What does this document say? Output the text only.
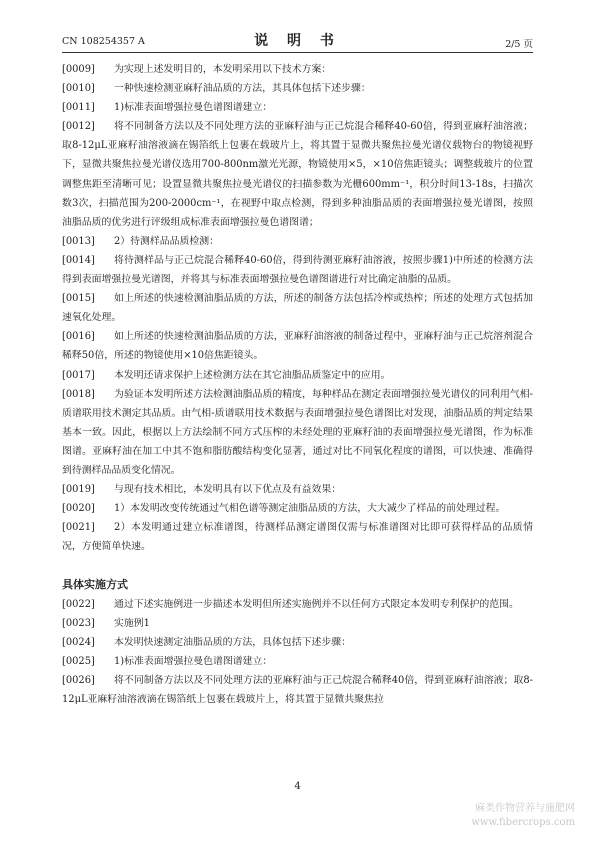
CN 108254357 A	说 明 书	2/5 页
[0009]	为实现上述发明目的，本发明采用以下技术方案：

[0010]	一种快速检测亚麻籽油品质的方法，其具体包括下述步骤：

[0011]	1)标准表面增强拉曼色谱图谱建立：

[0012]	将不同制备方法以及不同处理方法的亚麻籽油与正己烷混合稀释40-60倍，得到亚麻籽油溶液；取8-12μL亚麻籽油溶液滴在锡箔纸上包裹在载玻片上，将其置于显微共聚焦拉曼光谱仪载物台的物镜视野下，显微共聚焦拉曼光谱仪选用700-800nm激光光源，物镜使用×5，×10倍焦距镜头；调整载玻片的位置调整焦距至清晰可见；设置显微共聚焦拉曼光谱仪的扫描参数为光栅600mm⁻¹，积分时间13-18s，扫描次数3次，扫描范围为200-2000cm⁻¹，在视野中取点检测，得到多种油脂品质的表面增强拉曼光谱图，按照油脂品质的优劣进行评级组成标准表面增强拉曼色谱图谱；

[0013]	2）待测样品品质检测：

[0014]	将待测样品与正己烷混合稀释40-60倍，得到待测亚麻籽油溶液，按照步骤1)中所述的检测方法得到表面增强拉曼光谱图，并将其与标准表面增强拉曼色谱图谱进行对比确定油脂的品质。

[0015]	如上所述的快速检测油脂品质的方法，所述的制备方法包括冷榨或热榨；所述的处理方式包括加速氧化处理。

[0016]	如上所述的快速检测油脂品质的方法，亚麻籽油溶液的制备过程中，亚麻籽油与正己烷溶剂混合稀释50倍，所述的物镜使用×10倍焦距镜头。

[0017]	本发明还请求保护上述检测方法在其它油脂品质鉴定中的应用。

[0018]	为验证本发明所述方法检测油脂品质的精度，每种样品在测定表面增强拉曼光谱仪的同利用气相-质谱联用技术测定其品质。由气相-质谱联用技术数据与表面增强拉曼色谱图比对发现，油脂品质的判定结果基本一致。因此，根据以上方法绘制不同方式压榨的未经处理的亚麻籽油的表面增强拉曼光谱图，作为标准图谱。亚麻籽油在加工中其不饱和脂肪酸结构变化显著，通过对比不同氧化程度的谱图，可以快速、准确得到待测样品品质变化情况。

[0019]	与现有技术相比，本发明具有以下优点及有益效果：

[0020]	1）本发明改变传统通过气相色谱等测定油脂品质的方法，大大减少了样品的前处理过程。

[0021]	2）本发明通过建立标准谱图，待测样品测定谱图仅需与标准谱图对比即可获得样品的品质情况，方便简单快速。

具体实施方式
[0022]	通过下述实施例进一步描述本发明但所述实施例并不以任何方式限定本发明专利保护的范围。

[0023]	实施例1

[0024]	本发明快速测定油脂品质的方法，具体包括下述步骤：

[0025]	1)标准表面增强拉曼色谱图谱建立：

[0026]	将不同制备方法以及不同处理方法的亚麻籽油与正己烷混合稀释40倍，得到亚麻籽油溶液；取8-12μL亚麻籽油溶液滴在锡箔纸上包裹在载玻片上，将其置于显微共聚焦拉

4
麻类作物营养与施肥网
www.fibercrops.com
